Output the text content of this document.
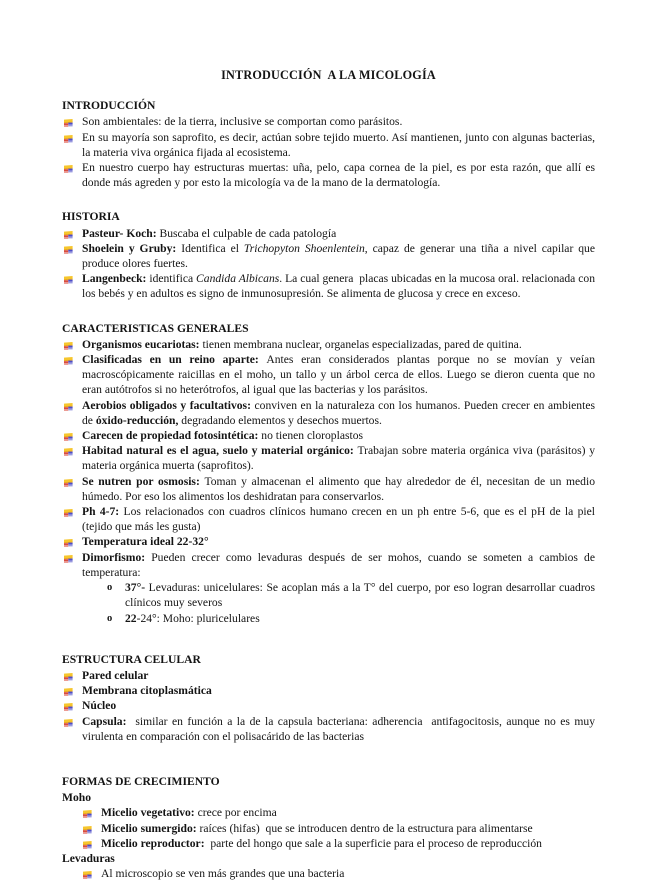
INTRODUCCIÓN  A LA MICOLOGÍA
INTRODUCCIÓN
Son ambientales: de la tierra, inclusive se comportan como parásitos.
En su mayoría son saprofito, es decir, actúan sobre tejido muerto. Así mantienen, junto con algunas bacterias, la materia viva orgánica fijada al ecosistema.
En nuestro cuerpo hay estructuras muertas: uña, pelo, capa cornea de la piel, es por esta razón, que allí es donde más agreden y por esto la micología va de la mano de la dermatología.
HISTORIA
Pasteur- Koch: Buscaba el culpable de cada patología
Shoelein y Gruby: Identifica el Trichopyton Shoenlentein, capaz de generar una tiña a nivel capilar que produce olores fuertes.
Langenbeck: identifica Candida Albicans. La cual genera  placas ubicadas en la mucosa oral. relacionada con los bebés y en adultos es signo de inmunosupresión. Se alimenta de glucosa y crece en exceso.
CARACTERISTICAS GENERALES
Organismos eucariotas: tienen membrana nuclear, organelas especializadas, pared de quitina.
Clasificadas en un reino aparte: Antes eran considerados plantas porque no se movían y veían macroscópicamente raicillas en el moho, un tallo y un árbol cerca de ellos. Luego se dieron cuenta que no eran autótrofos si no heterótrofos, al igual que las bacterias y los parásitos.
Aerobios obligados y facultativos: conviven en la naturaleza con los humanos. Pueden crecer en ambientes de óxido-reducción, degradando elementos y desechos muertos.
Carecen de propiedad fotosintética: no tienen cloroplastos
Habitad natural es el agua, suelo y material orgánico: Trabajan sobre materia orgánica viva (parásitos) y materia orgánica muerta (saprofitos).
Se nutren por osmosis: Toman y almacenan el alimento que hay alrededor de él, necesitan de un medio húmedo. Por eso los alimentos los deshidratan para conservarlos.
Ph 4-7: Los relacionados con cuadros clínicos humano crecen en un ph entre 5-6, que es el pH de la piel  (tejido que más les gusta)
Temperatura ideal 22-32°
Dimorfismo: Pueden crecer como levaduras después de ser mohos, cuando se someten a cambios de temperatura:
o 37°- Levaduras: unicelulares: Se acoplan más a la T° del cuerpo, por eso logran desarrollar cuadros clínicos muy severos
o 22-24°: Moho: pluricelulares
ESTRUCTURA CELULAR
Pared celular
Membrana citoplasmática
Núcleo
Capsula:  similar en función a la de la capsula bacteriana: adherencia  antifagocitosis, aunque no es muy virulenta en comparación con el polisacárido de las bacterias
FORMAS DE CRECIMIENTO
Moho
Micelio vegetativo: crece por encima
Micelio sumergido: raíces (hifas)  que se introducen dentro de la estructura para alimentarse
Micelio reproductor:  parte del hongo que sale a la superficie para el proceso de reproducción
Levaduras
Al microscopio se ven más grandes que una bacteria
